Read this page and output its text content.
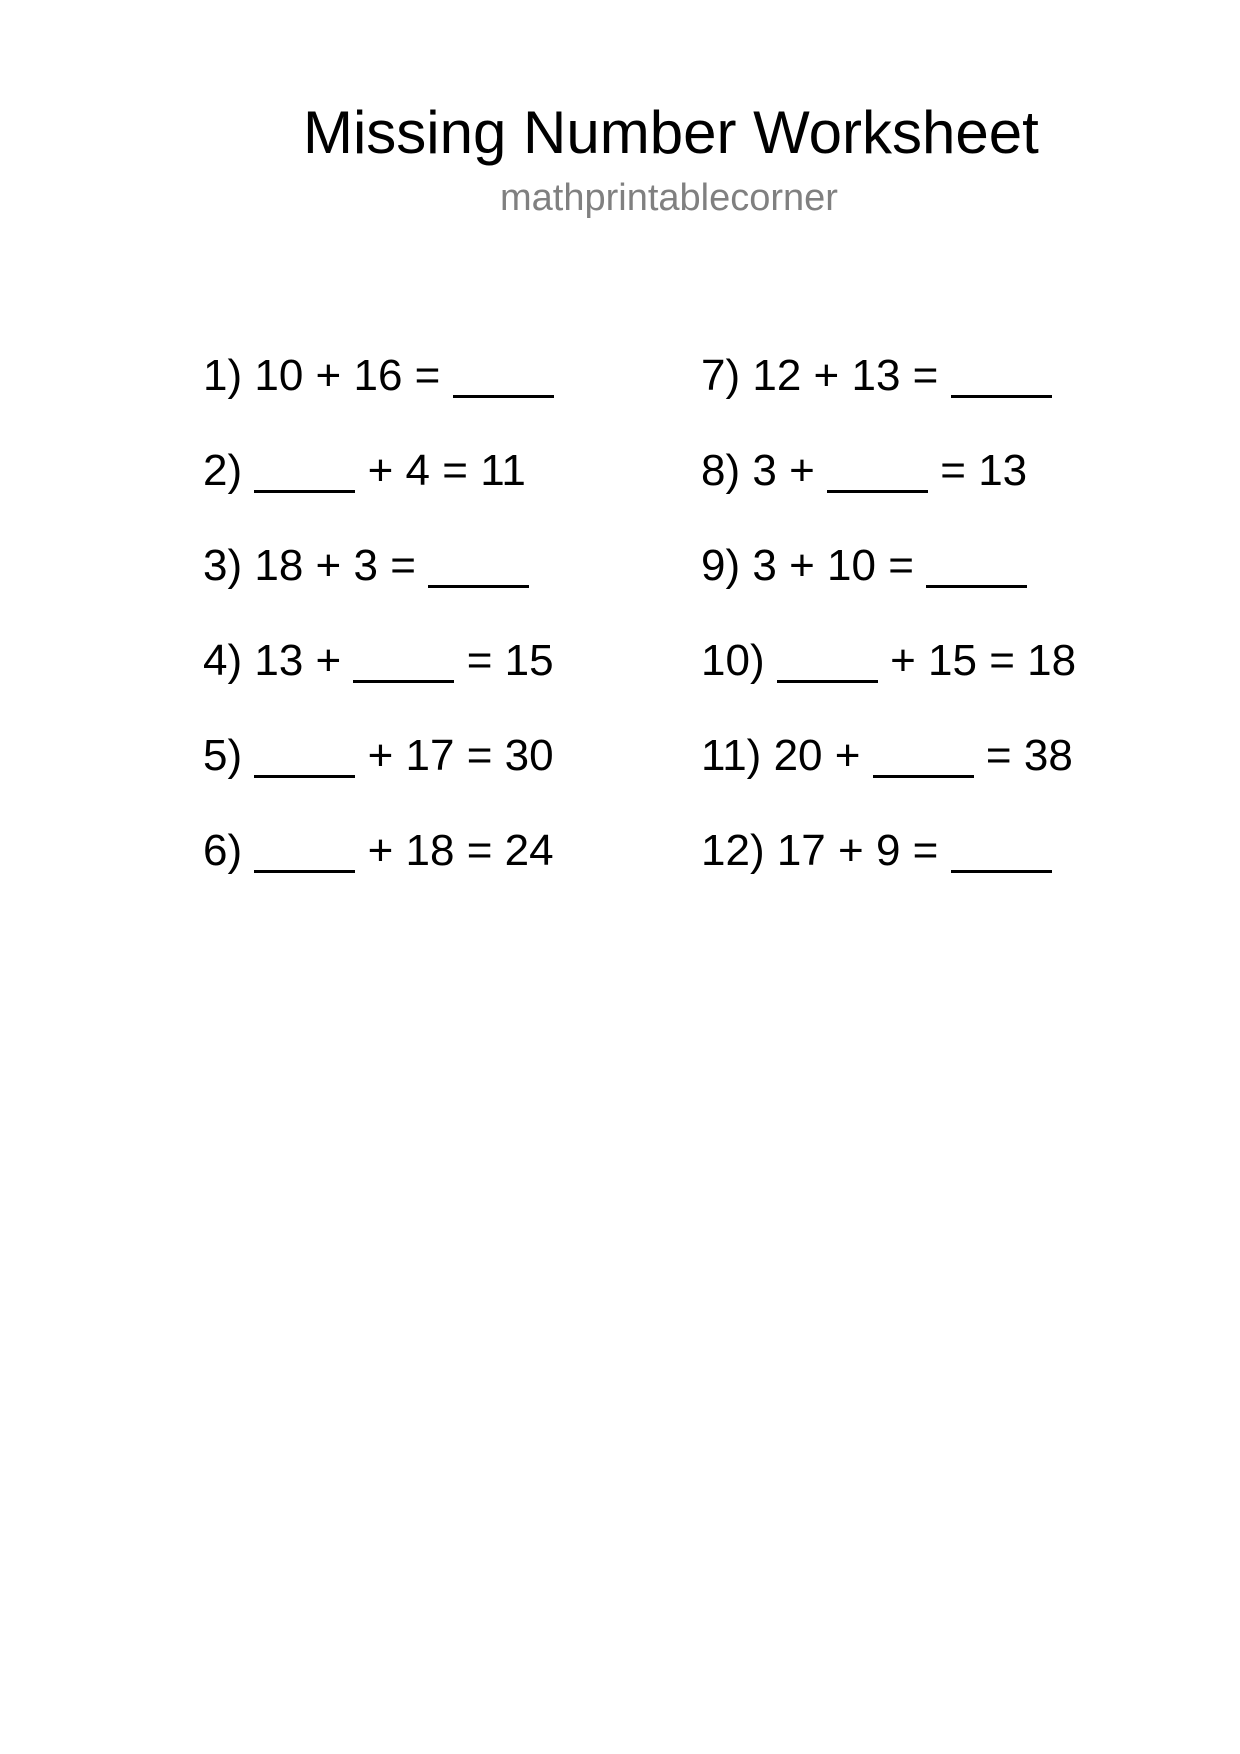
Missing Number Worksheet
mathprintablecorner
1) 10 + 16 =
2)	+ 4 = 11
3) 18 + 3 =
4) 13 +	= 15
5)	+ 17 = 30
6)	+ 18 = 24
7) 12 + 13 =
8) 3 +	= 13
9) 3 + 10 =
10)	+ 15 = 18
11) 20 +	= 38
12) 17 + 9 =
